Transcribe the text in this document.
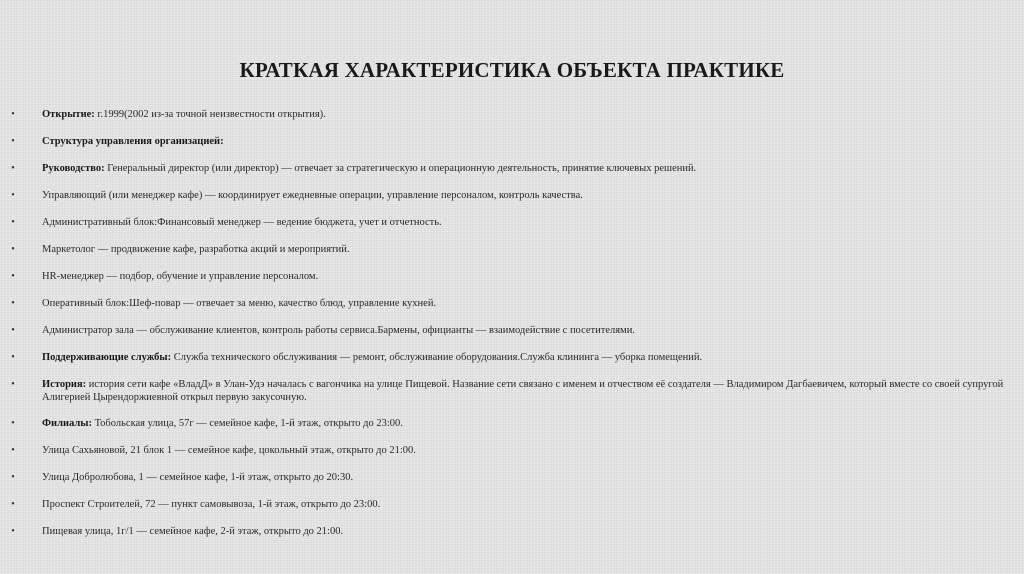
КРАТКАЯ ХАРАКТЕРИСТИКА ОБЪЕКТА ПРАКТИКЕ
•	Открытие: г.1999(2002 из-за точной неизвестности открытия).
•	Структура управления организацией:
•	Руководство: Генеральный директор (или директор) — отвечает за стратегическую и операционную деятельность, принятие ключевых решений.
•	Управляющий (или менеджер кафе) — координирует ежедневные операции, управление персоналом, контроль качества.
•	Административный блок:Финансовый менеджер — ведение бюджета, учет и отчетность.
•	Маркетолог — продвижение кафе, разработка акций и мероприятий.
•	HR-менеджер — подбор, обучение и управление персоналом.
•	Оперативный блок:Шеф-повар — отвечает за меню, качество блюд, управление кухней.
•	Администратор зала — обслуживание клиентов, контроль работы сервиса.Бармены, официанты — взаимодействие с посетителями.
•	Поддерживающие службы: Служба технического обслуживания — ремонт, обслуживание оборудования.Служба клининга — уборка помещений.
•	История: история сети кафе «ВладД» в Улан-Удэ началась с вагончика на улице Пищевой. Название сети связано с именем и отчеством её создателя — Владимиром Дагбаевичем, который вместе со своей супругой Алигерией Цырендоржиевной открыл первую закусочную.
•	Филиалы: Тобольская улица, 57г — семейное кафе, 1-й этаж, открыто до 23:00.
•	Улица Сахьяновой, 21 блок 1 — семейное кафе, цокольный этаж, открыто до 21:00.
•	Улица Добролюбова, 1 — семейное кафе, 1-й этаж, открыто до 20:30.
•	Проспект Строителей, 72 — пункт самовывоза, 1-й этаж, открыто до 23:00.
•	Пищевая улица, 1г/1 — семейное кафе, 2-й этаж, открыто до 21:00.
